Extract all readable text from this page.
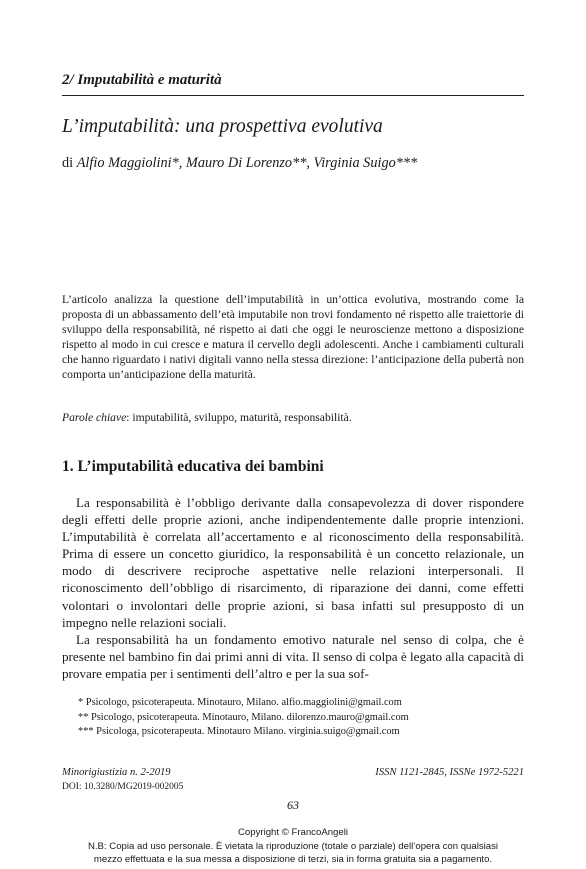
2/ Imputabilità e maturità
L’imputabilità: una prospettiva evolutiva
di Alfio Maggiolini*, Mauro Di Lorenzo**, Virginia Suigo***
L’articolo analizza la questione dell’imputabilità in un’ottica evolutiva, mostrando come la proposta di un abbassamento dell’età imputabile non trovi fondamento né rispetto alle traiettorie di sviluppo della responsabilità, né rispetto ai dati che oggi le neuroscienze mettono a disposizione rispetto al modo in cui cresce e matura il cervello degli adolescenti. Anche i cambiamenti culturali che hanno riguardato i nativi digitali vanno nella stessa direzione: l’anticipazione della pubertà non comporta un’anticipazione della maturità.
Parole chiave: imputabilità, sviluppo, maturità, responsabilità.
1. L’imputabilità educativa dei bambini

La responsabilità è l’obbligo derivante dalla consapevolezza di dover rispondere degli effetti delle proprie azioni, anche indipendentemente dalle proprie intenzioni. L’imputabilità è correlata all’accertamento e al riconoscimento della responsabilità. Prima di essere un concetto giuridico, la responsabilità è un concetto relazionale, un modo di descrivere reciproche aspettative nelle relazioni interpersonali. Il riconoscimento dell’obbligo di risarcimento, di riparazione dei danni, come effetti volontari o involontari delle proprie azioni, si basa infatti sul presupposto di un impegno nelle relazioni sociali.

La responsabilità ha un fondamento emotivo naturale nel senso di colpa, che è presente nel bambino fin dai primi anni di vita. Il senso di colpa è legato alla capacità di provare empatia per i sentimenti dell’altro e per la sua sof-

* Psicologo, psicoterapeuta. Minotauro, Milano. alfio.maggiolini@gmail.com
** Psicologo, psicoterapeuta. Minotauro, Milano. dilorenzo.mauro@gmail.com
*** Psicologa, psicoterapeuta. Minotauro Milano. virginia.suigo@gmail.com
Minorigiustizia n. 2-2019
DOI: 10.3280/MG2019-002005
ISSN 1121-2845, ISSNe 1972-5221
63
Copyright © FrancoAngeli
N.B: Copia ad uso personale. È vietata la riproduzione (totale o parziale) dell’opera con qualsiasi
mezzo effettuata e la sua messa a disposizione di terzi, sia in forma gratuita sia a pagamento.
